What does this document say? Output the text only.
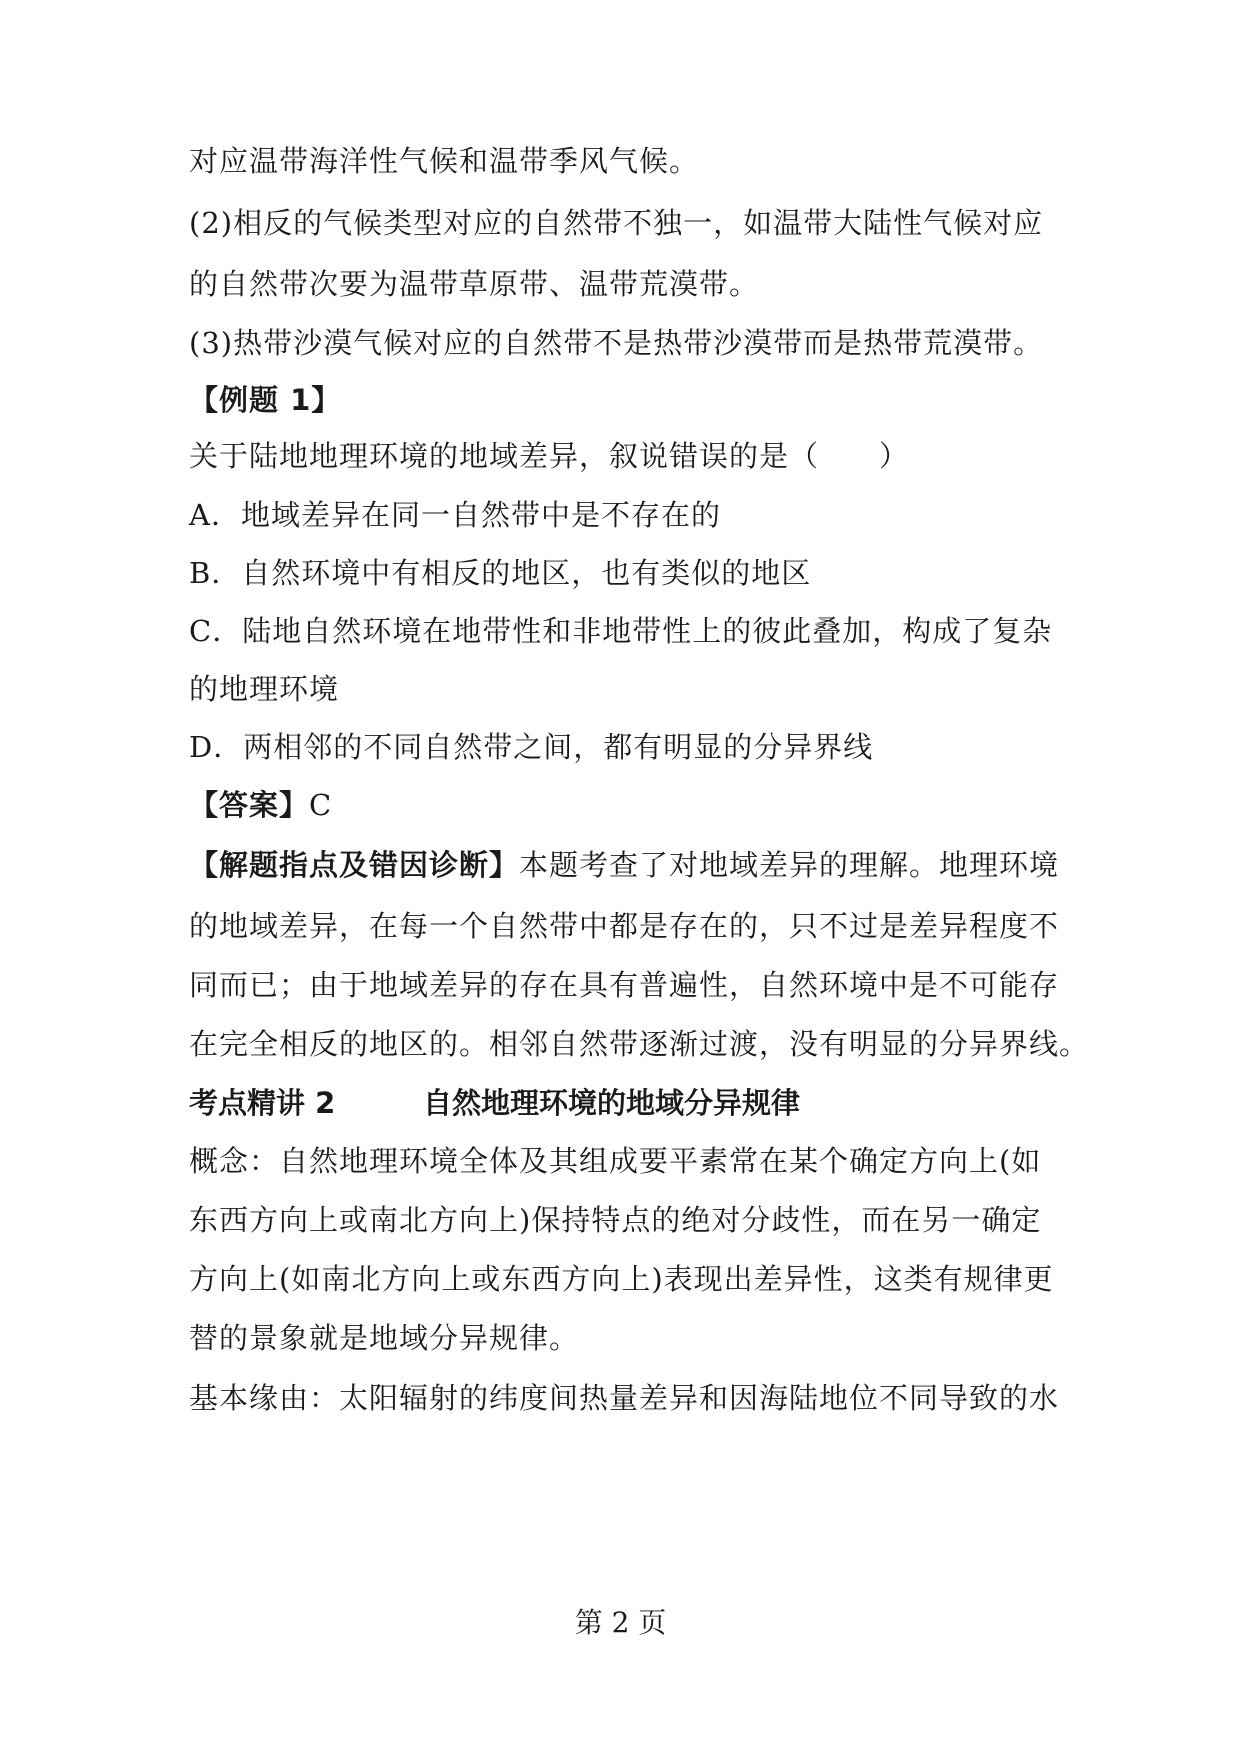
对应温带海洋性气候和温带季风气候。
(2)相反的气候类型对应的自然带不独一，如温带大陆性气候对应
的自然带次要为温带草原带、温带荒漠带。
(3)热带沙漠气候对应的自然带不是热带沙漠带而是热带荒漠带。
【例题 1】
关于陆地地理环境的地域差异，叙说错误的是（　　）
A．地域差异在同一自然带中是不存在的
B．自然环境中有相反的地区，也有类似的地区
C．陆地自然环境在地带性和非地带性上的彼此叠加，构成了复杂
的地理环境
D．两相邻的不同自然带之间，都有明显的分异界线
【答案】C
【解题指点及错因诊断】本题考查了对地域差异的理解。地理环境
的地域差异，在每一个自然带中都是存在的，只不过是差异程度不
同而已；由于地域差异的存在具有普遍性，自然环境中是不可能存
在完全相反的地区的。相邻自然带逐渐过渡，没有明显的分异界线。
考点精讲 2	自然地理环境的地域分异规律
概念：自然地理环境全体及其组成要平素常在某个确定方向上(如
东西方向上或南北方向上)保持特点的绝对分歧性，而在另一确定
方向上(如南北方向上或东西方向上)表现出差异性，这类有规律更
替的景象就是地域分异规律。
基本缘由：太阳辐射的纬度间热量差异和因海陆地位不同导致的水
第 2 页
